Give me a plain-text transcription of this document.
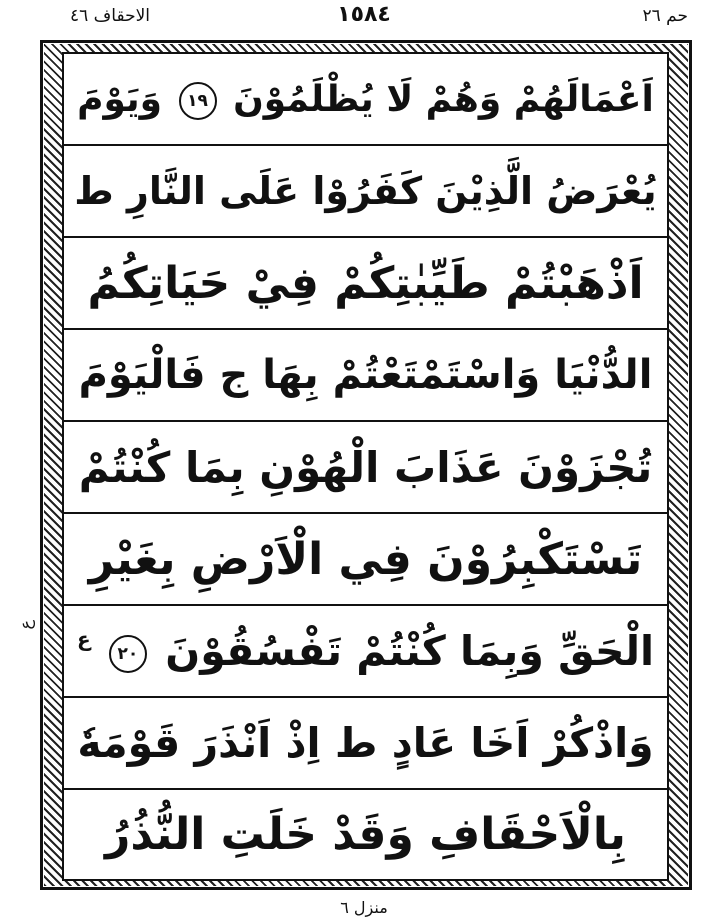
الاحقاف ٤٦	١٥٨٤	حم ٢٦
اَعْمَالَهُمْ وَهُمْ لَا يُظْلَمُوْنَ ١٩ وَيَوْمَ
يُعْرَضُ الَّذِيْنَ كَفَرُوْا عَلَى النَّارِ ط
اَذْهَبْتُمْ طَيِّبٰتِكُمْ فِيْ حَيَاتِكُمُ
الدُّنْيَا وَاسْتَمْتَعْتُمْ بِهَا ج فَالْيَوْمَ
تُجْزَوْنَ عَذَابَ الْهُوْنِ بِمَا كُنْتُمْ
تَسْتَكْبِرُوْنَ فِي الْاَرْضِ بِغَيْرِ
الْحَقِّ وَبِمَا كُنْتُمْ تَفْسُقُوْنَ ٢٠ $^ع$
وَاذْكُرْ اَخَا عَادٍ ط اِذْ اَنْذَرَ قَوْمَهٗ
بِالْاَحْقَافِ وَقَدْ خَلَتِ النُّذُرُ
ع
منزل ٦
